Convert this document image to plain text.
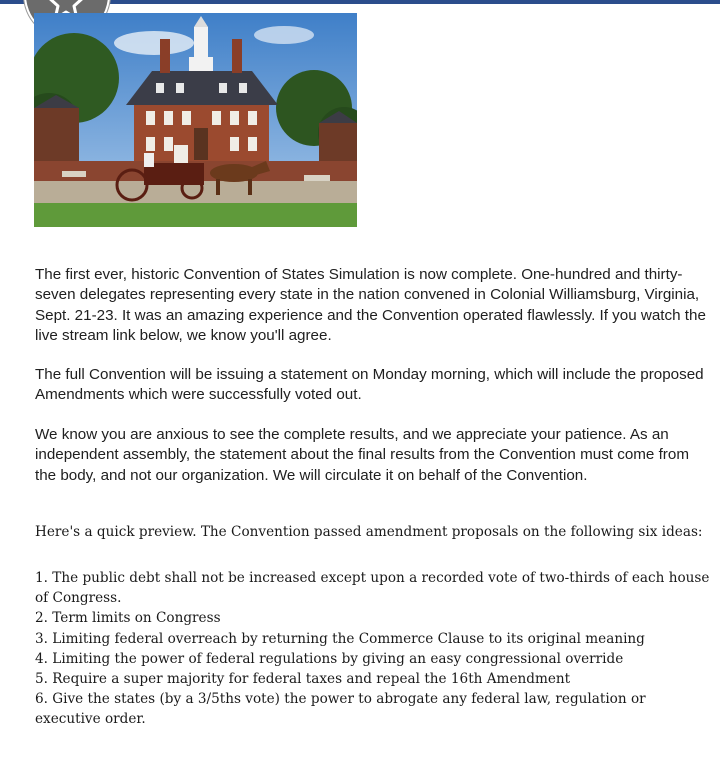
The first ever, historic Convention of States Simulation is now complete. One-hundred and thirty-seven delegates representing every state in the nation convened in Colonial Williamsburg, Virginia, Sept. 21-23. It was an amazing experience and the Convention operated flawlessly. If you watch the live stream link below, we know you'll agree.

The full Convention will be issuing a statement on Monday morning, which will include the proposed Amendments which were successfully voted out.

We know you are anxious to see the complete results, and we appreciate your patience. As an independent assembly, the statement about the final results from the Convention must come from the body, and not our organization. We will circulate it on behalf of the Convention.

Here's a quick preview. The Convention passed amendment proposals on the following six ideas:

1. The public debt shall not be increased except upon a recorded vote of two-thirds of each house of Congress.
2. Term limits on Congress
3. Limiting federal overreach by returning the Commerce Clause to its original meaning
4. Limiting the power of federal regulations by giving an easy congressional override
5. Require a super majority for federal taxes and repeal the 16th Amendment
6. Give the states (by a 3/5ths vote) the power to abrogate any federal law, regulation or executive order.
